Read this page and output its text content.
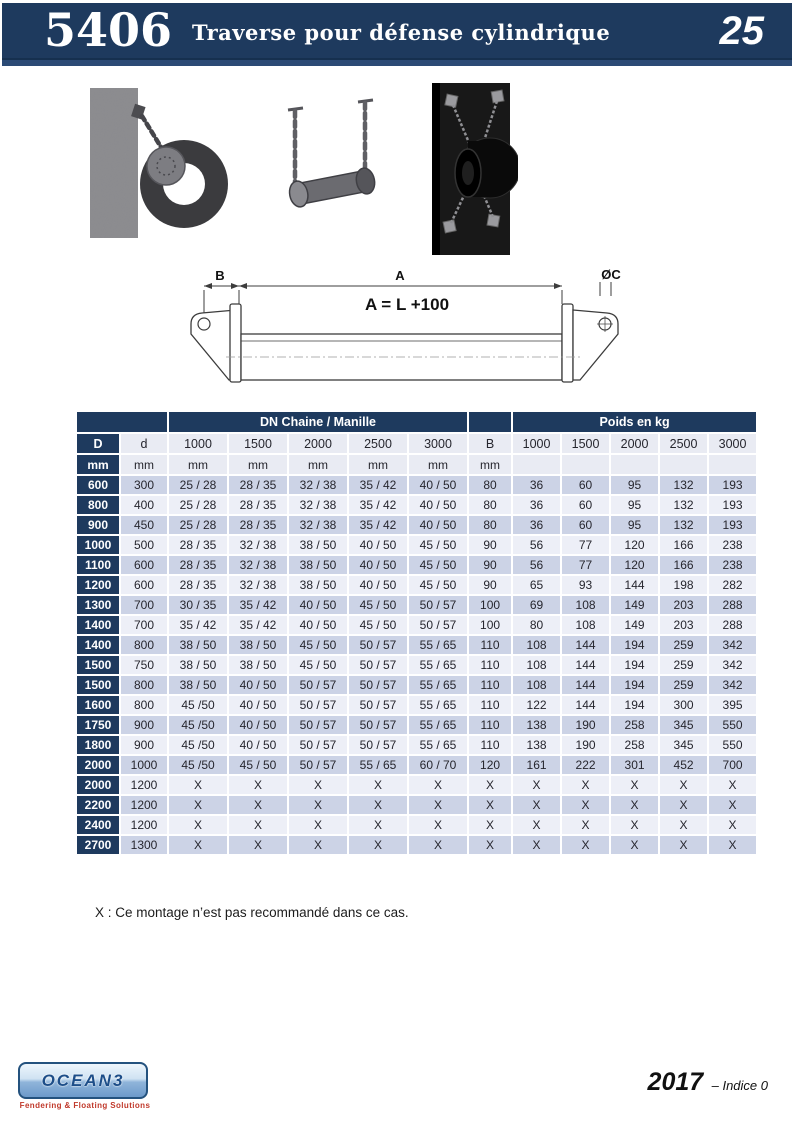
5406 Traverse pour défense cylindrique	25
B	A	ØC
A = L +100
		DN Chaine / Manille						Poids en kg				
D	d	1000	1500	2000	2500	3000	B	1000	1500	2000	2500	3000
mm	mm	mm	mm	mm	mm	mm	mm					
600	300	25 / 28	28 / 35	32 / 38	35 / 42	40 / 50	80	36	60	95	132	193
800	400	25 / 28	28 / 35	32 / 38	35 / 42	40 / 50	80	36	60	95	132	193
900	450	25 / 28	28 / 35	32 / 38	35 / 42	40 / 50	80	36	60	95	132	193
1000	500	28 / 35	32 / 38	38 / 50	40 / 50	45 / 50	90	56	77	120	166	238
1100	600	28 / 35	32 / 38	38 / 50	40 / 50	45 / 50	90	56	77	120	166	238
1200	600	28 / 35	32 / 38	38 / 50	40 / 50	45 / 50	90	65	93	144	198	282
1300	700	30 / 35	35 / 42	40 / 50	45 / 50	50 / 57	100	69	108	149	203	288
1400	700	35 / 42	35 / 42	40 / 50	45 / 50	50 / 57	100	80	108	149	203	288
1400	800	38 / 50	38 / 50	45 / 50	50 / 57	55 / 65	110	108	144	194	259	342
1500	750	38 / 50	38 / 50	45 / 50	50 / 57	55 / 65	110	108	144	194	259	342
1500	800	38 / 50	40 / 50	50 / 57	50 / 57	55 / 65	110	108	144	194	259	342
1600	800	45 /50	40 / 50	50 / 57	50 / 57	55 / 65	110	122	144	194	300	395
1750	900	45 /50	40 / 50	50 / 57	50 / 57	55 / 65	110	138	190	258	345	550
1800	900	45 /50	40 / 50	50 / 57	50 / 57	55 / 65	110	138	190	258	345	550
2000	1000	45 /50	45 / 50	50 / 57	55 / 65	60 / 70	120	161	222	301	452	700
2000	1200	X	X	X	X	X	X	X	X	X	X	X
2200	1200	X	X	X	X	X	X	X	X	X	X	X
2400	1200	X	X	X	X	X	X	X	X	X	X	X
2700	1300	X	X	X	X	X	X	X	X	X	X	X
X : Ce montage n’est pas recommandé dans ce cas.
OCEAN3
Fendering & Floating Solutions
2017 – Indice 0
